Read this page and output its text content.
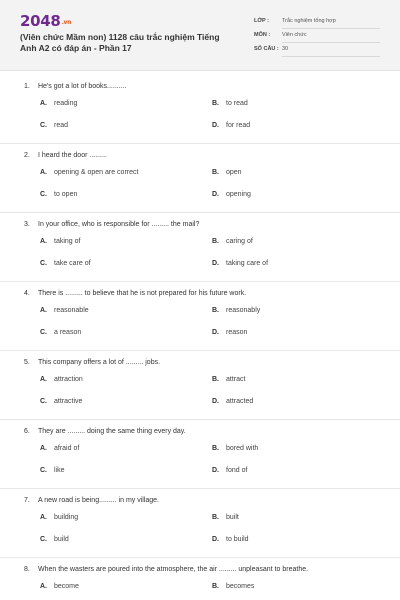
2048.vn
(Viên chức Mầm non) 1128 câu trắc nghiệm Tiếng Anh A2 có đáp án - Phần 17
LỚP : Trắc nghiệm tổng hợp
MÔN : Viên chức
SỐ CÂU : 30
1. He's got a lot of books..........
A. reading	B. to read
C. read	D. for read
2. I heard the door .........
A. opening & open are correct	B. open
C. to open	D. opening
3. In your office, who is responsible for ......... the mail?
A. taking of	B. caring of
C. take care of	D. taking care of
4. There is ......... to believe that he is not prepared for his future work.
A. reasonable	B. reasonably
C. a reason	D. reason
5. This company offers a lot of ......... jobs.
A. attraction	B. attract
C. attractive	D. attracted
6. They are ......... doing the same thing every day.
A. afraid of	B. bored with
C. like	D. fond of
7. A new road is being......... in my village.
A. building	B. built
C. build	D. to build
8. When the wasters are poured into the atmosphere, the air ......... unpleasant to breathe.
A. become	B. becomes
